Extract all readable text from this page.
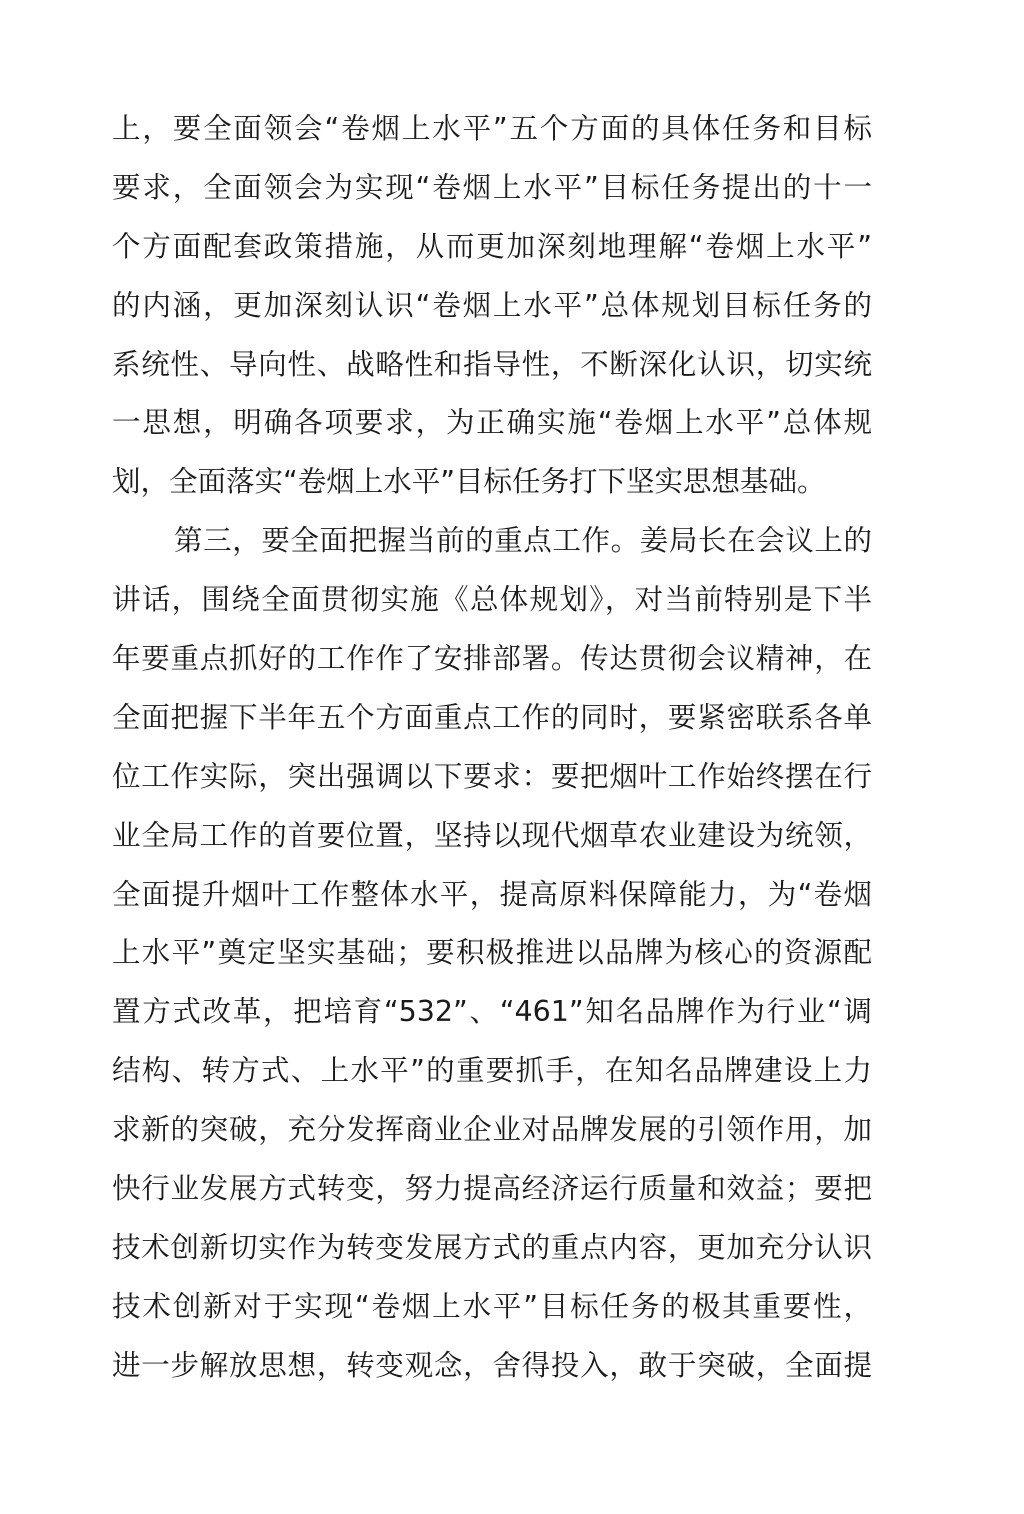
上，要全面领会“卷烟上水平”五个方面的具体任务和目标
要求，全面领会为实现“卷烟上水平”目标任务提出的十一
个方面配套政策措施，从而更加深刻地理解“卷烟上水平”
的内涵，更加深刻认识“卷烟上水平”总体规划目标任务的
系统性、导向性、战略性和指导性，不断深化认识，切实统
一思想，明确各项要求，为正确实施“卷烟上水平”总体规
划，全面落实“卷烟上水平”目标任务打下坚实思想基础。
第三，要全面把握当前的重点工作。姜局长在会议上的
讲话，围绕全面贯彻实施《总体规划》，对当前特别是下半
年要重点抓好的工作作了安排部署。传达贯彻会议精神，在
全面把握下半年五个方面重点工作的同时，要紧密联系各单
位工作实际，突出强调以下要求：要把烟叶工作始终摆在行
业全局工作的首要位置，坚持以现代烟草农业建设为统领，
全面提升烟叶工作整体水平，提高原料保障能力，为“卷烟
上水平”奠定坚实基础；要积极推进以品牌为核心的资源配
置方式改革，把培育“532”、“461”知名品牌作为行业“调
结构、转方式、上水平”的重要抓手，在知名品牌建设上力
求新的突破，充分发挥商业企业对品牌发展的引领作用，加
快行业发展方式转变，努力提高经济运行质量和效益；要把
技术创新切实作为转变发展方式的重点内容，更加充分认识
技术创新对于实现“卷烟上水平”目标任务的极其重要性，
进一步解放思想，转变观念，舍得投入，敢于突破，全面提
